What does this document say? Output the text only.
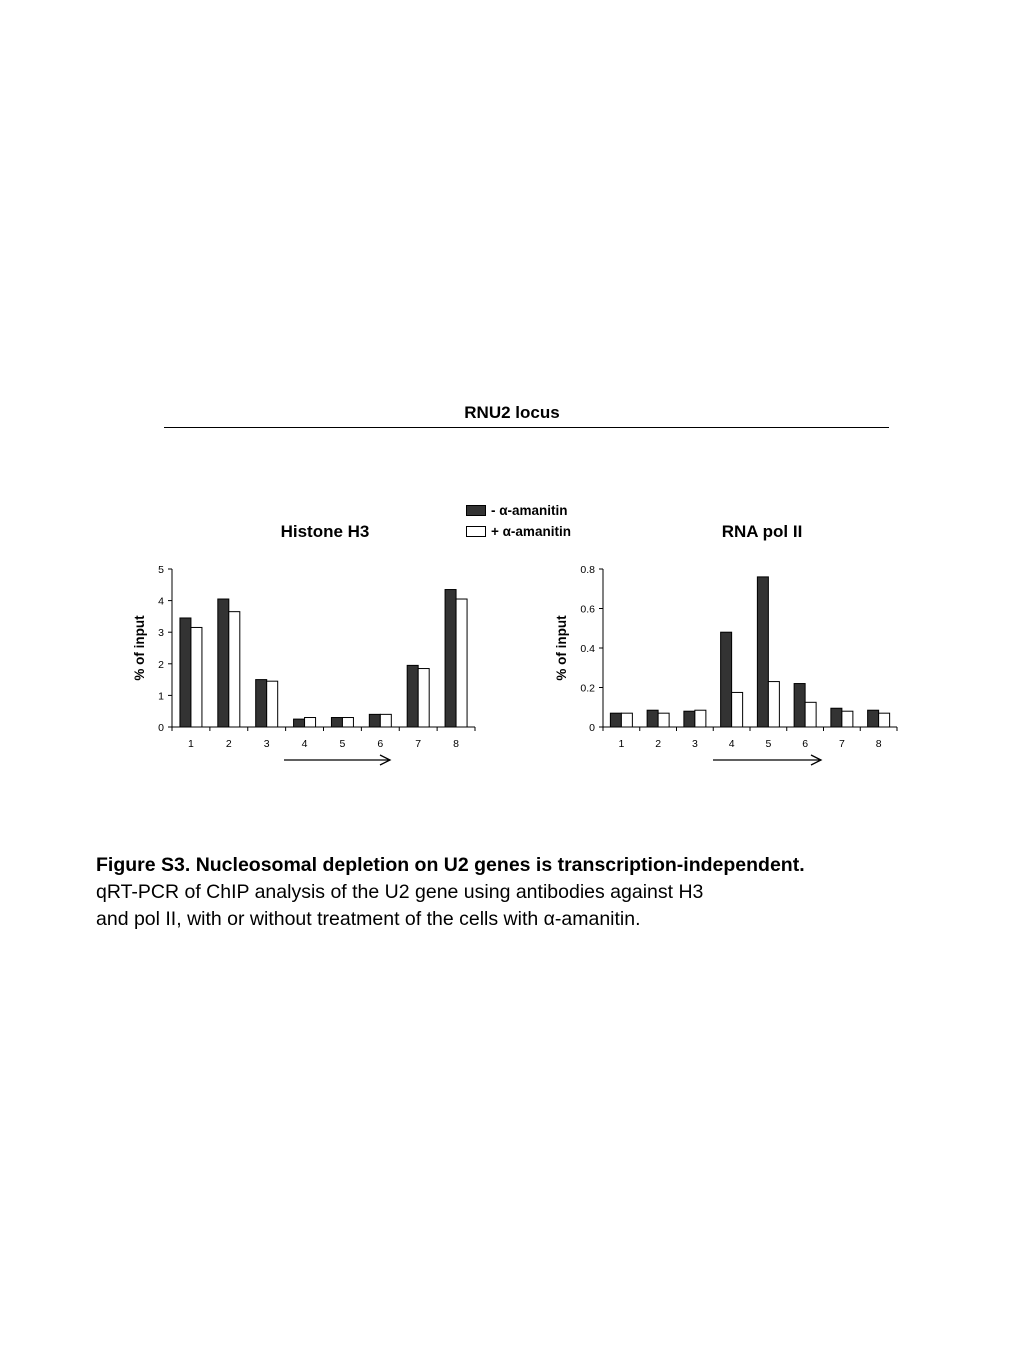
RNU2 locus
Histone H3	RNA pol II
- α-amanitin
+ α-amanitin
0
1
2
3
4
5
1	2	3	4	5	6	7	8
% of input
0
0.2
0.4
0.6
0.8
1	2	3	4	5	6	7	8
% of input
Figure S3. Nucleosomal depletion on U2 genes is transcription-independent.
qRT-PCR of ChIP analysis of the U2 gene using antibodies against H3
and pol II, with or without treatment of the cells with α-amanitin.
